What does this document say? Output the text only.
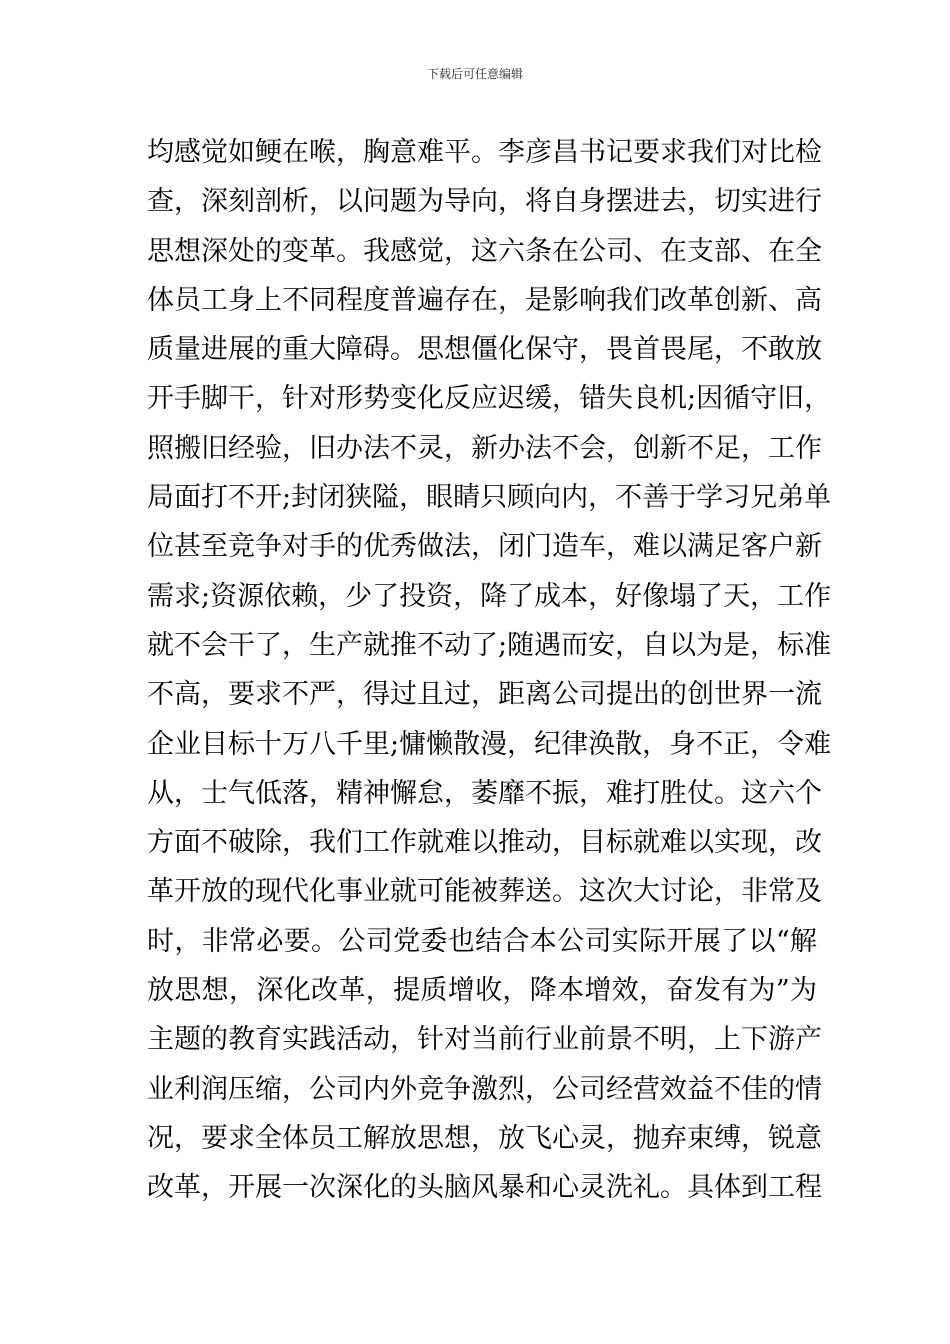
下载后可任意编辑
均感觉如鲠在喉，胸意难平。李彦昌书记要求我们对比检
查，深刻剖析，以问题为导向，将自身摆进去，切实进行
思想深处的变革。我感觉，这六条在公司、在支部、在全
体员工身上不同程度普遍存在，是影响我们改革创新、高
质量进展的重大障碍。思想僵化保守，畏首畏尾，不敢放
开手脚干，针对形势变化反应迟缓，错失良机;因循守旧，
照搬旧经验，旧办法不灵，新办法不会，创新不足，工作
局面打不开;封闭狭隘，眼睛只顾向内，不善于学习兄弟单
位甚至竞争对手的优秀做法，闭门造车，难以满足客户新
需求;资源依赖，少了投资，降了成本，好像塌了天，工作
就不会干了，生产就推不动了;随遇而安，自以为是，标准
不高，要求不严，得过且过，距离公司提出的创世界一流
企业目标十万八千里;慵懒散漫，纪律涣散，身不正，令难
从，士气低落，精神懈怠，萎靡不振，难打胜仗。这六个
方面不破除，我们工作就难以推动，目标就难以实现，改
革开放的现代化事业就可能被葬送。这次大讨论，非常及
时，非常必要。公司党委也结合本公司实际开展了以“解
放思想，深化改革，提质增收，降本增效，奋发有为”为
主题的教育实践活动，针对当前行业前景不明，上下游产
业利润压缩，公司内外竞争激烈，公司经营效益不佳的情
况，要求全体员工解放思想，放飞心灵，抛弃束缚，锐意
改革，开展一次深化的头脑风暴和心灵洗礼。具体到工程
